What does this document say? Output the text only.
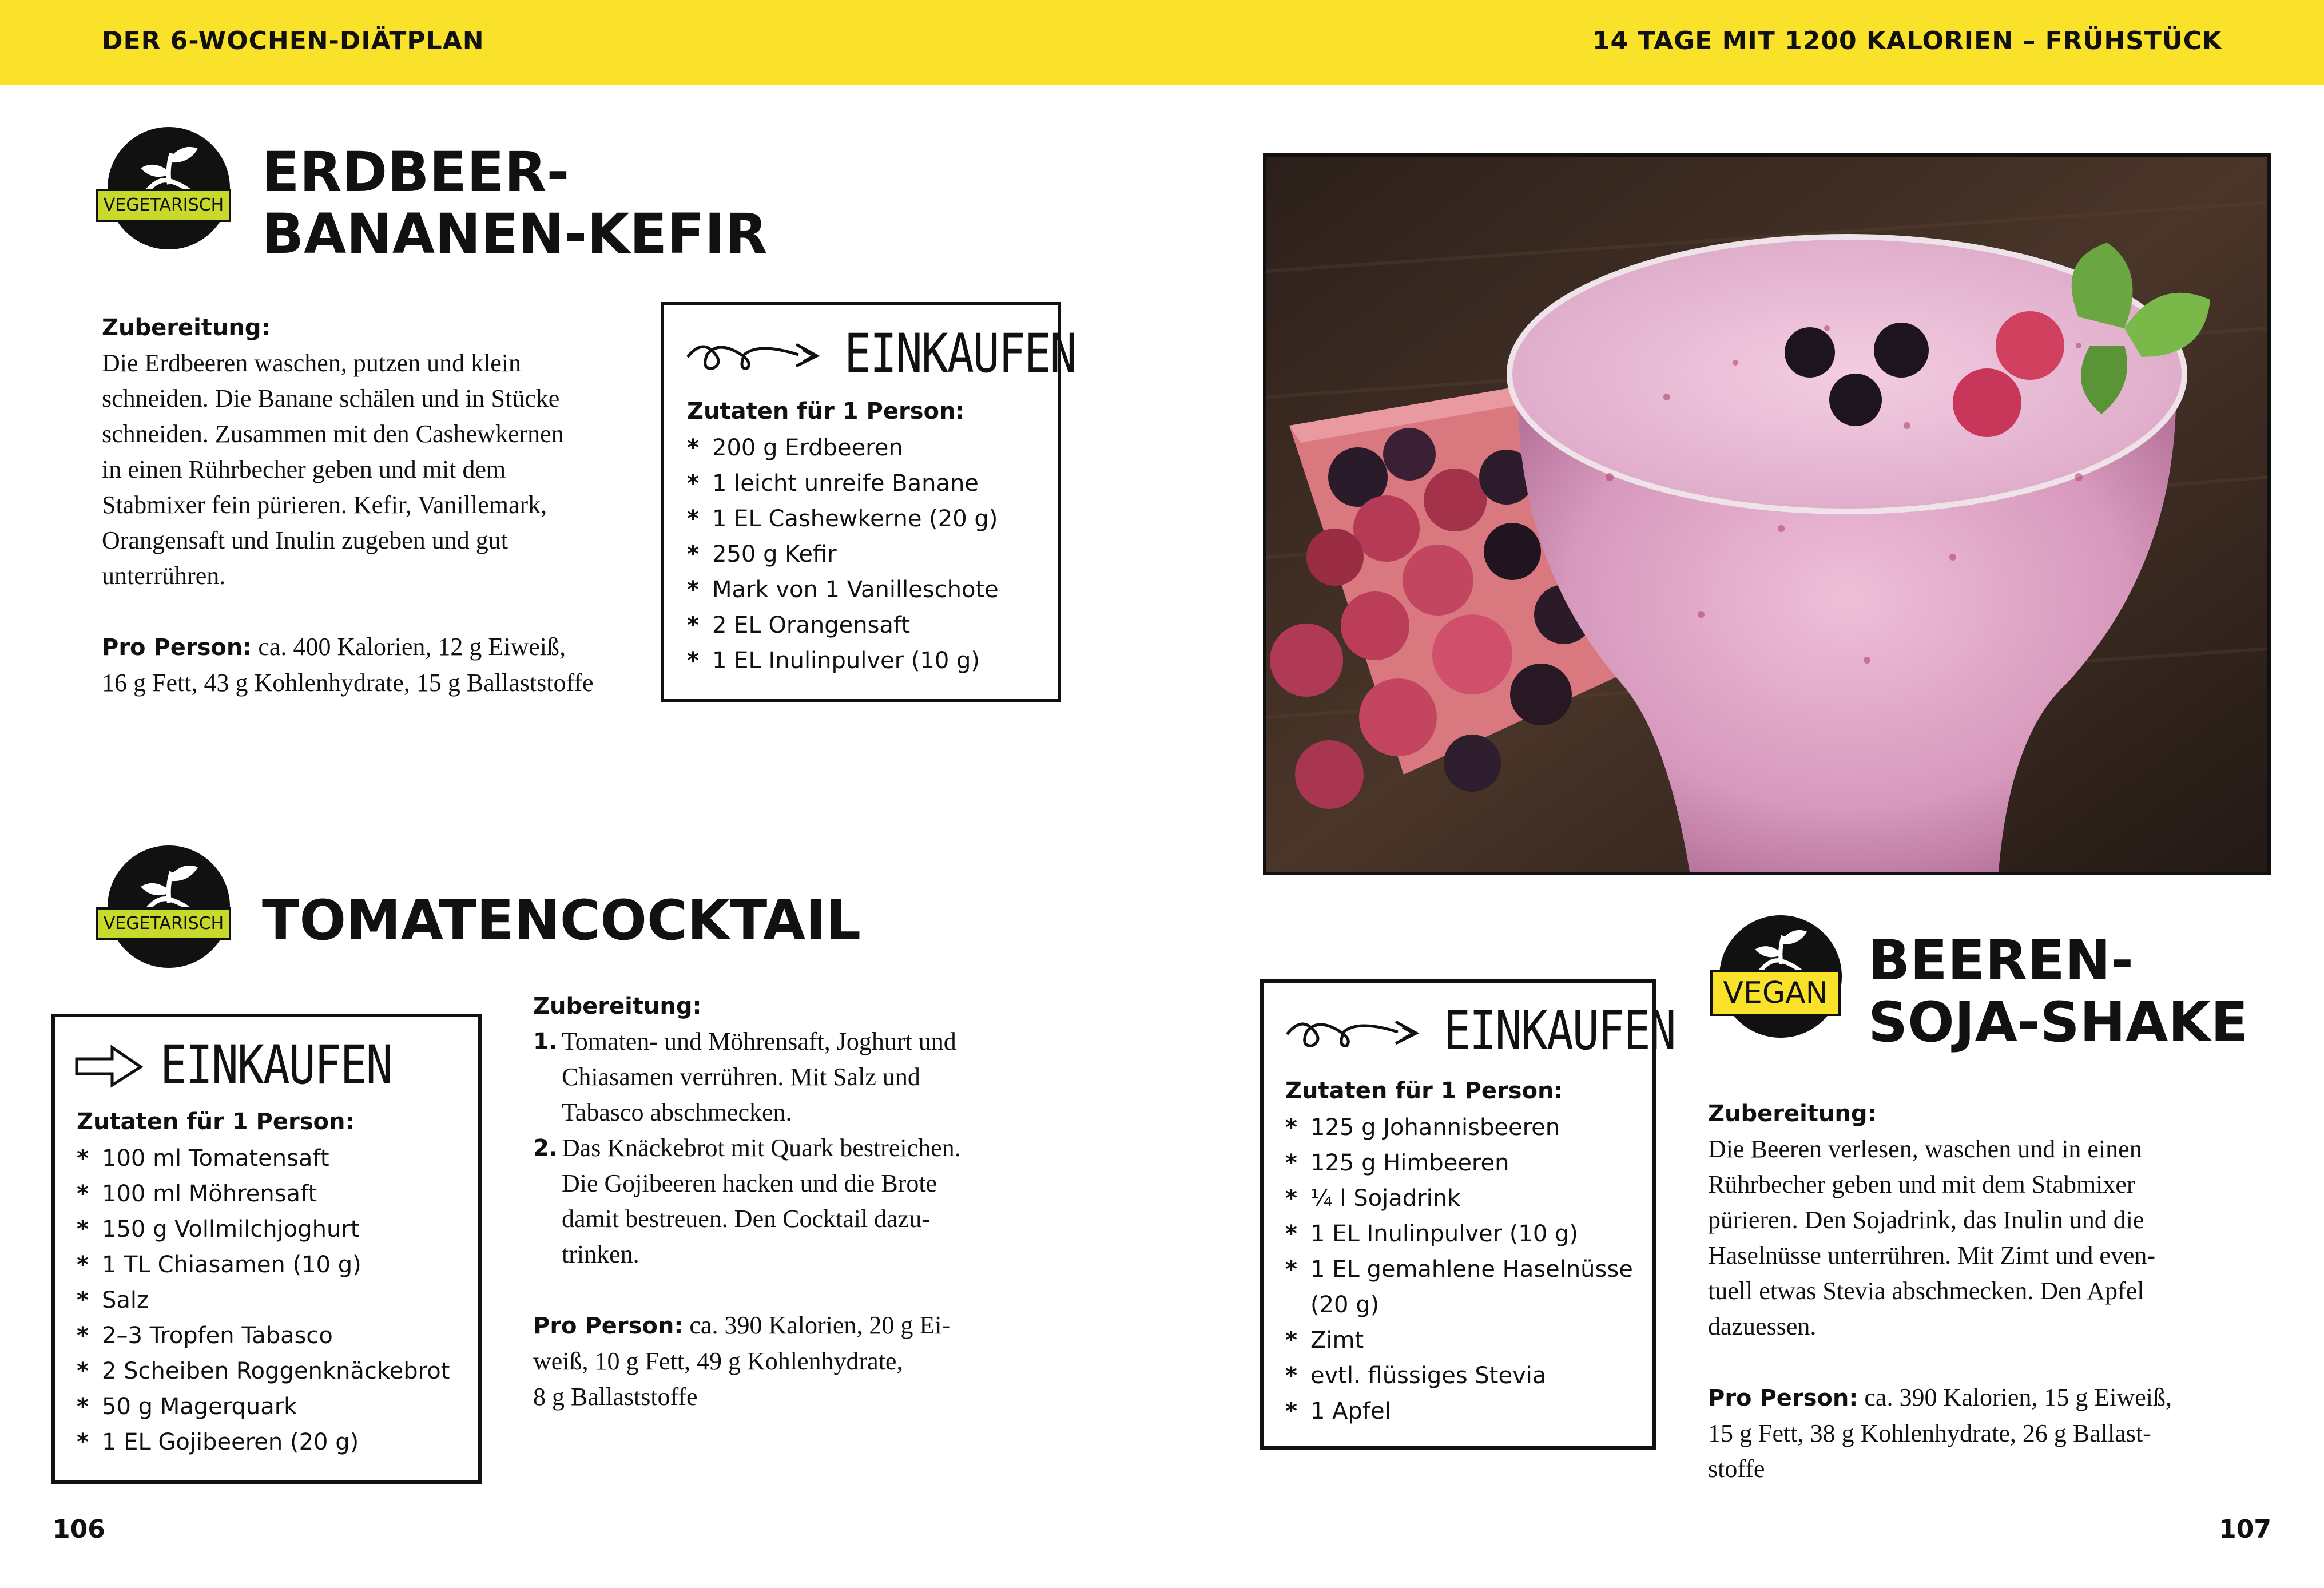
DER 6-WOCHEN-DIÄTPLAN	14 TAGE MIT 1200 KALORIEN – FRÜHSTÜCK
VEGETARISCH
ERDBEER-
BANANEN-KEFIR
Zubereitung:

Die Erdbeeren waschen, putzen und klein

schneiden. Die Banane schälen und in Stücke

schneiden. Zusammen mit den Cashewkernen

in einen Rührbecher geben und mit dem

Stabmixer fein pürieren. Kefir, Vanillemark,

Orangensaft und Inulin zugeben und gut

unterrühren.

Pro Person: ca. 400 Kalorien, 12 g Eiweiß,

16 g Fett, 43 g Kohlenhydrate, 15 g Ballaststoffe

EINKAUFEN
Zutaten für 1 Person:
* 200 g Erdbeeren
* 1 leicht unreife Banane
* 1 EL Cashewkerne (20 g)
* 250 g Kefir
* Mark von 1 Vanilleschote
* 2 EL Orangensaft
* 1 EL Inulinpulver (10 g)
VEGETARISCH TOMATENCOCKTAIL
EINKAUFEN
Zutaten für 1 Person:
* 100 ml Tomatensaft
* 100 ml Möhrensaft
* 150 g Vollmilchjoghurt
* 1 TL Chiasamen (10 g)
* Salz
* 2–3 Tropfen Tabasco
* 2 Scheiben Roggenknäckebrot
* 50 g Magerquark
* 1 EL Gojibeeren (20 g)
Zubereitung:
1. Tomaten- und Möhrensaft, Joghurt und

Chiasamen verrühren. Mit Salz und

Tabasco abschmecken.

2. Das Knäckebrot mit Quark bestreichen.

Die Gojibeeren hacken und die Brote

damit bestreuen. Den Cocktail dazu-

trinken.

Pro Person: ca. 390 Kalorien, 20 g Ei-

weiß, 10 g Fett, 49 g Kohlenhydrate,

8 g Ballaststoffe

EINKAUFEN
Zutaten für 1 Person:
* 125 g Johannisbeeren
* 125 g Himbeeren
* ¼ l Sojadrink
* 1 EL Inulinpulver (10 g)
* 1 EL gemahlene Haselnüsse
(20 g)
* Zimt
* evtl. flüssiges Stevia
* 1 Apfel
VEGAN
BEEREN-
SOJA-SHAKE
Zubereitung:

Die Beeren verlesen, waschen und in einen

Rührbecher geben und mit dem Stabmixer

pürieren. Den Sojadrink, das Inulin und die

Haselnüsse unterrühren. Mit Zimt und even-

tuell etwas Stevia abschmecken. Den Apfel

dazuessen.

Pro Person: ca. 390 Kalorien, 15 g Eiweiß,

15 g Fett, 38 g Kohlenhydrate, 26 g Ballast-

stoffe

106	107
